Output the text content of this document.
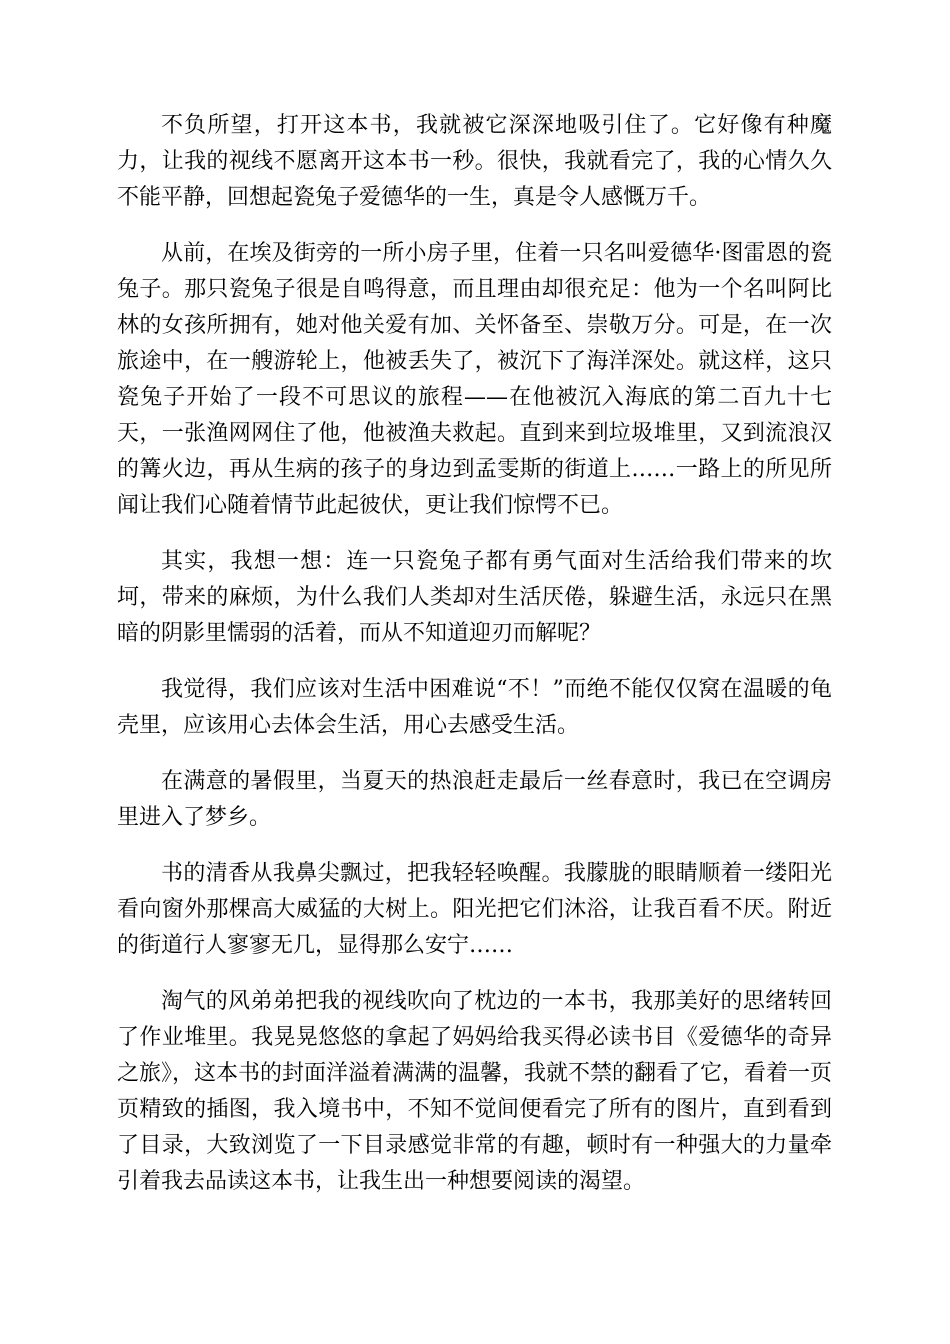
不负所望，打开这本书，我就被它深深地吸引住了。它好像有种魔力，让我的视线不愿离开这本书一秒。很快，我就看完了，我的心情久久不能平静，回想起瓷兔子爱德华的一生，真是令人感慨万千。

从前，在埃及街旁的一所小房子里，住着一只名叫爱德华·图雷恩的瓷兔子。那只瓷兔子很是自鸣得意，而且理由却很充足：他为一个名叫阿比林的女孩所拥有，她对他关爱有加、关怀备至、崇敬万分。可是，在一次旅途中，在一艘游轮上，他被丢失了，被沉下了海洋深处。就这样，这只瓷兔子开始了一段不可思议的旅程——在他被沉入海底的第二百九十七天，一张渔网网住了他，他被渔夫救起。直到来到垃圾堆里，又到流浪汉的篝火边，再从生病的孩子的身边到孟雯斯的街道上……一路上的所见所闻让我们心随着情节此起彼伏，更让我们惊愕不已。

其实，我想一想：连一只瓷兔子都有勇气面对生活给我们带来的坎坷，带来的麻烦，为什么我们人类却对生活厌倦，躲避生活，永远只在黑暗的阴影里懦弱的活着，而从不知道迎刃而解呢？

我觉得，我们应该对生活中困难说“不！”而绝不能仅仅窝在温暖的龟壳里，应该用心去体会生活，用心去感受生活。

在满意的暑假里，当夏天的热浪赶走最后一丝春意时，我已在空调房里进入了梦乡。

书的清香从我鼻尖飘过，把我轻轻唤醒。我朦胧的眼睛顺着一缕阳光看向窗外那棵高大威猛的大树上。阳光把它们沐浴，让我百看不厌。附近的街道行人寥寥无几，显得那么安宁……

淘气的风弟弟把我的视线吹向了枕边的一本书，我那美好的思绪转回了作业堆里。我晃晃悠悠的拿起了妈妈给我买得必读书目《爱德华的奇异之旅》，这本书的封面洋溢着满满的温馨，我就不禁的翻看了它，看着一页页精致的插图，我入境书中，不知不觉间便看完了所有的图片，直到看到了目录，大致浏览了一下目录感觉非常的有趣，顿时有一种强大的力量牵引着我去品读这本书，让我生出一种想要阅读的渴望。
